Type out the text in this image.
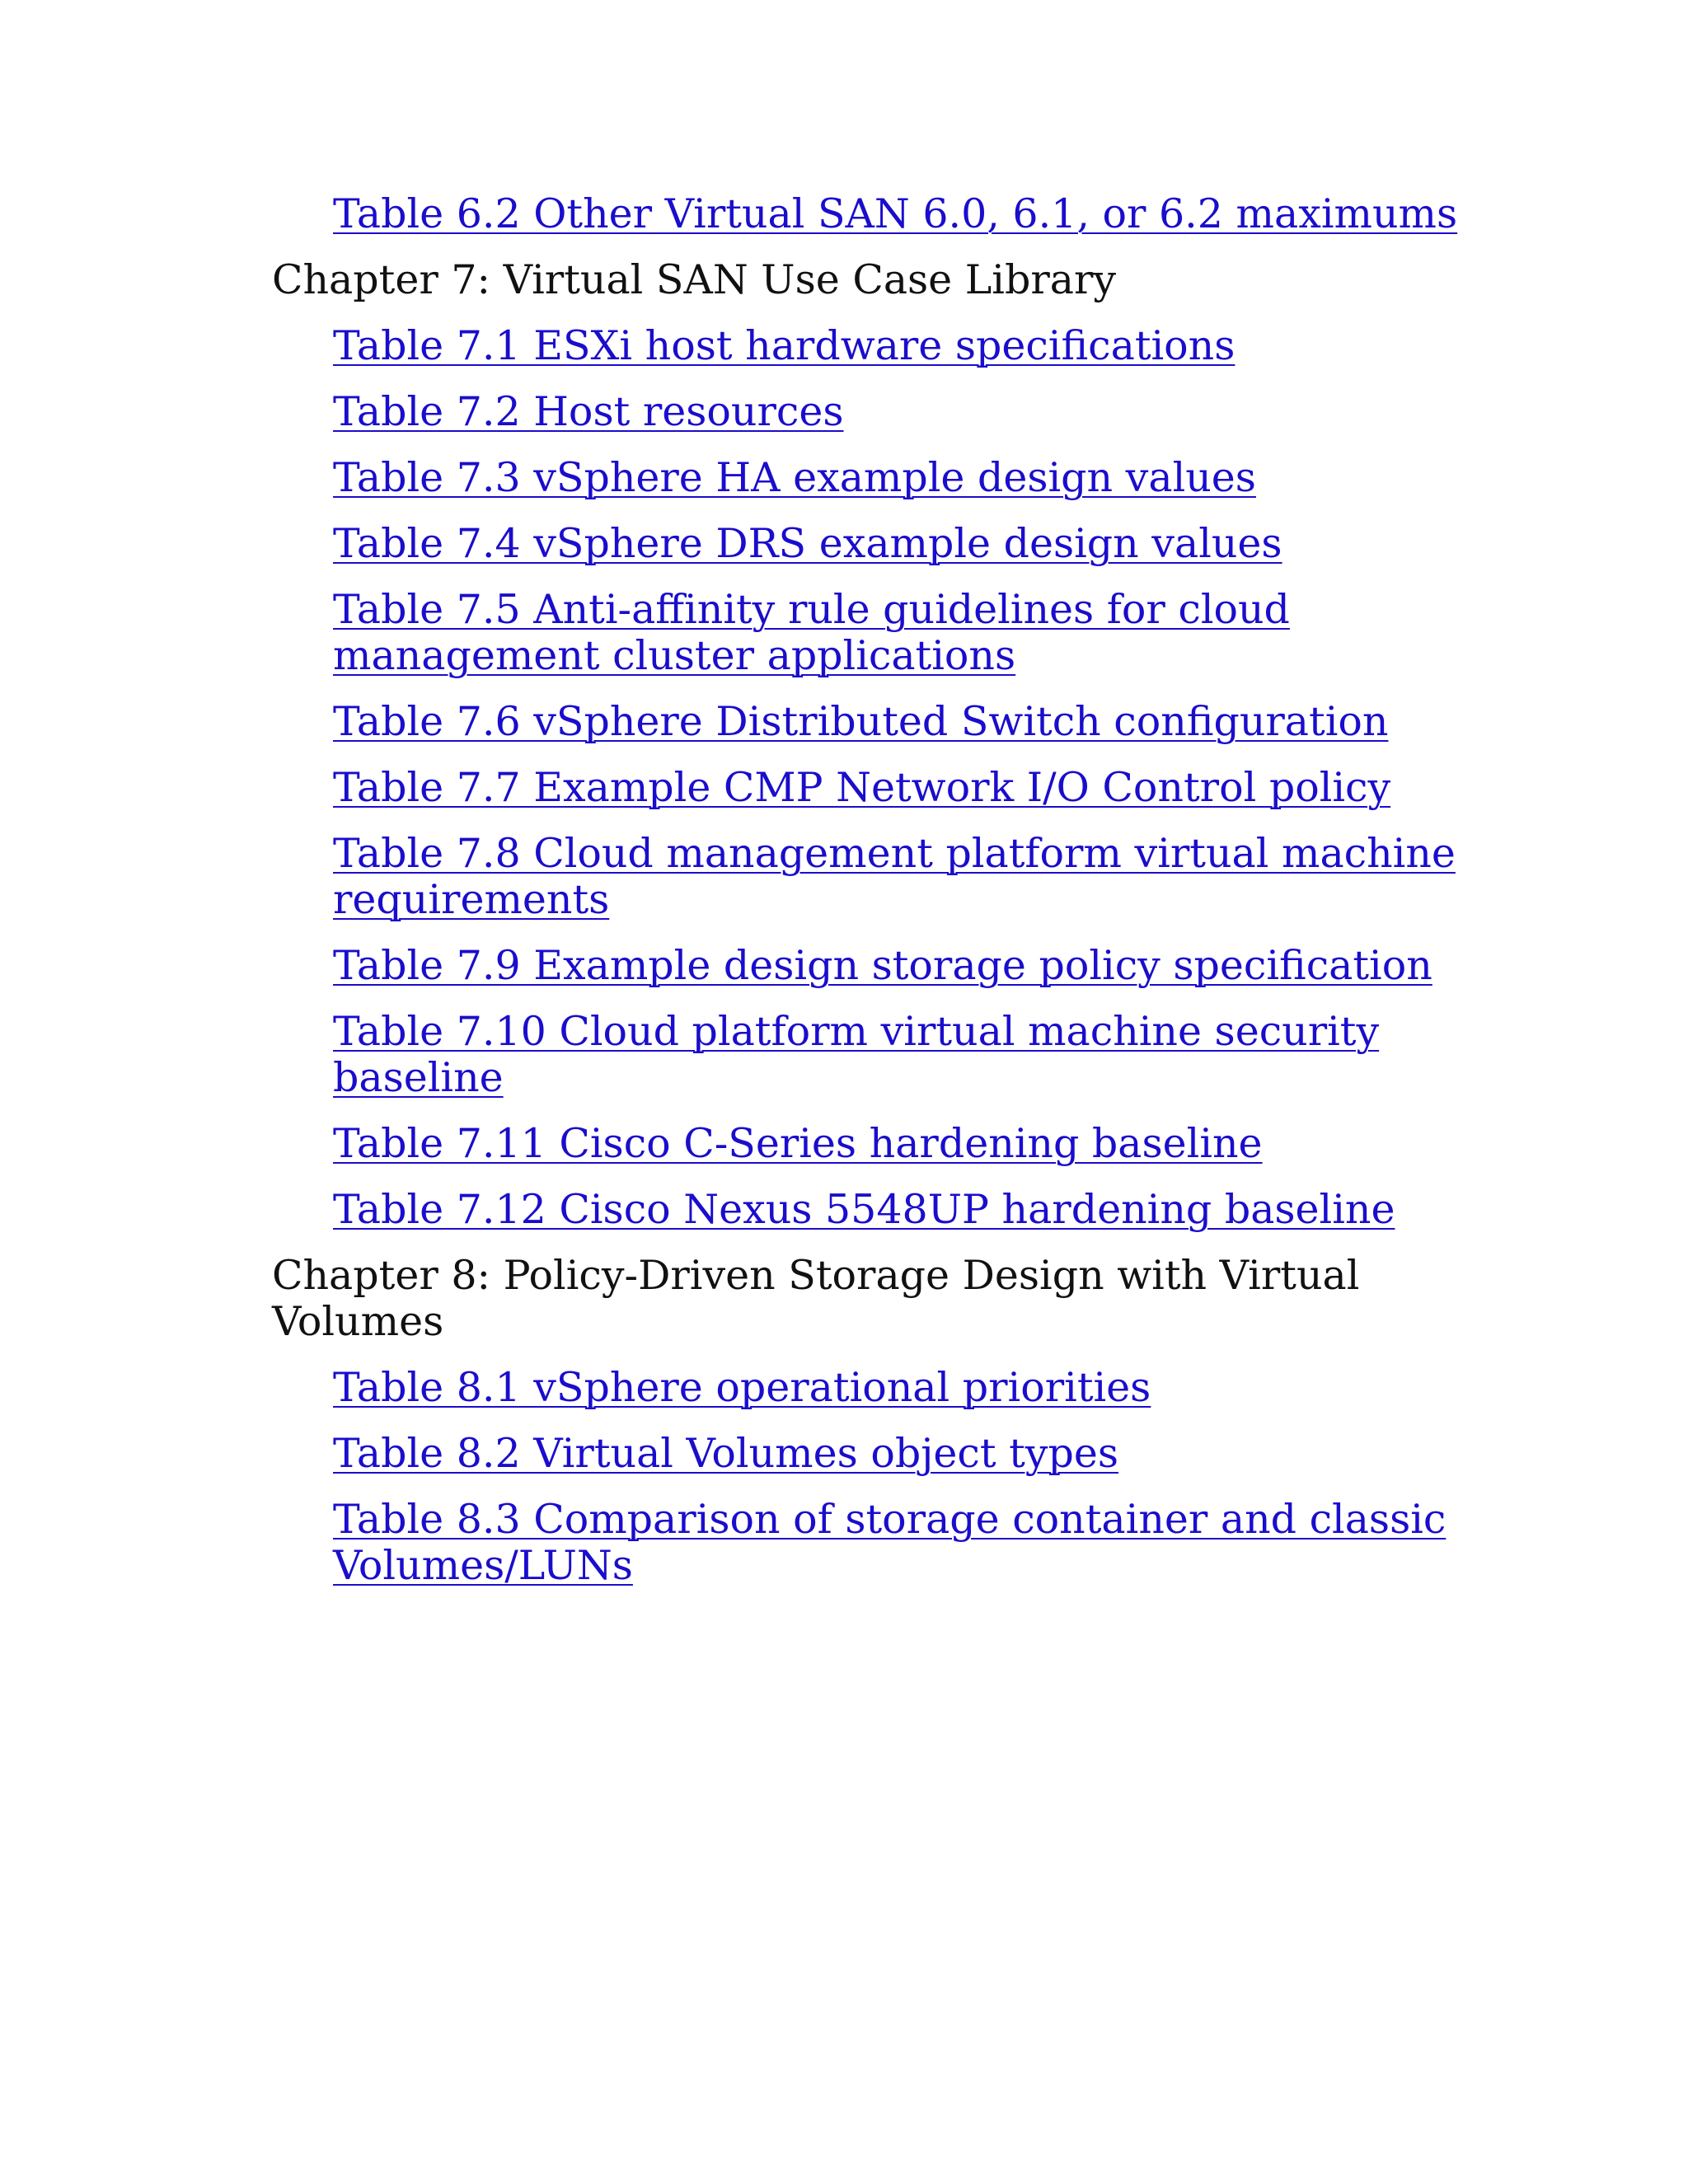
Table 6.2 Other Virtual SAN 6.0, 6.1, or 6.2 maximums
Chapter 7: Virtual SAN Use Case Library
Table 7.1 ESXi host hardware specifications
Table 7.2 Host resources
Table 7.3 vSphere HA example design values
Table 7.4 vSphere DRS example design values
Table 7.5 Anti-affinity rule guidelines for cloud management cluster applications
Table 7.6 vSphere Distributed Switch configuration
Table 7.7 Example CMP Network I/O Control policy
Table 7.8 Cloud management platform virtual machine requirements
Table 7.9 Example design storage policy specification
Table 7.10 Cloud platform virtual machine security baseline
Table 7.11 Cisco C-Series hardening baseline
Table 7.12 Cisco Nexus 5548UP hardening baseline
Chapter 8: Policy-Driven Storage Design with Virtual Volumes
Table 8.1 vSphere operational priorities
Table 8.2 Virtual Volumes object types
Table 8.3 Comparison of storage container and classic Volumes/LUNs
